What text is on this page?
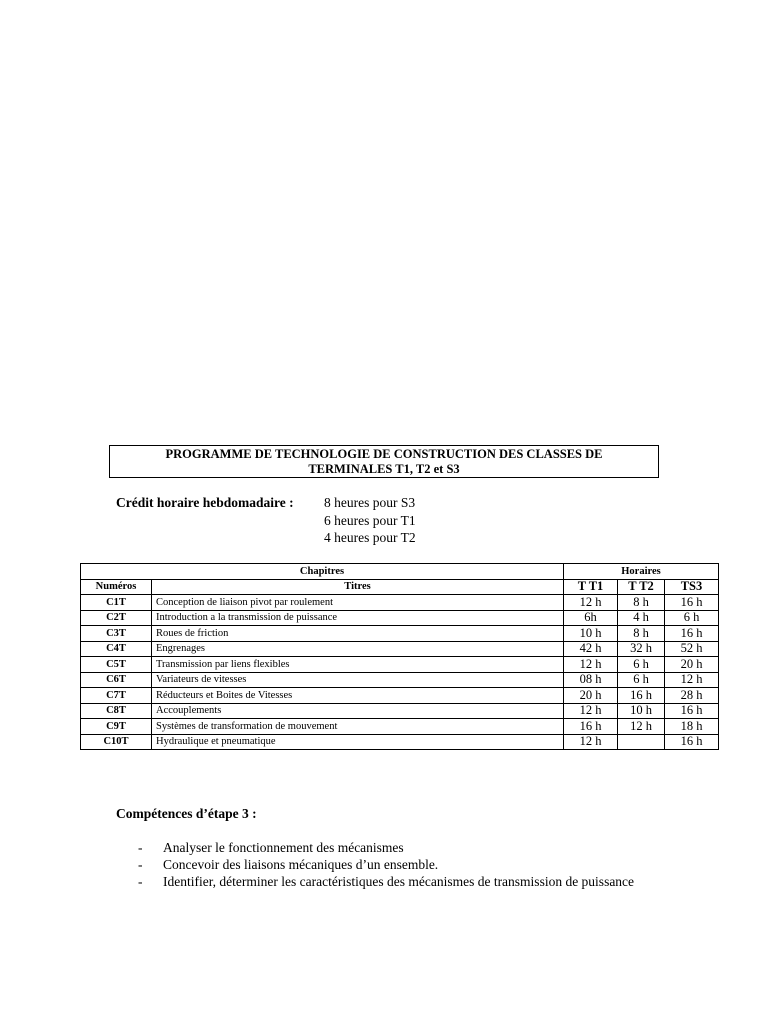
PROGRAMME DE TECHNOLOGIE DE CONSTRUCTION DES CLASSES DE
TERMINALES T1, T2 et S3
Crédit horaire hebdomadaire : 8 heures pour S3
6 heures pour T1
4 heures pour T2
Chapitres		Horaires		
Numéros	Titres	T T1	T T2	TS3
C1T	Conception de liaison pivot par roulement	12 h	8 h	16 h
C2T	Introduction a la transmission de puissance	6h	4 h	6 h
C3T	Roues de friction	10 h	8 h	16 h
C4T	Engrenages	42 h	32 h	52 h
C5T	Transmission par liens flexibles	12 h	6 h	20 h
C6T	Variateurs de vitesses	08 h	6 h	12 h
C7T	Réducteurs et Boites de Vitesses	20 h	16 h	28 h
C8T	Accouplements	12 h	10 h	16 h
C9T	Systèmes de transformation de mouvement	16 h	12 h	18 h
C10T	Hydraulique et pneumatique	12 h		16 h
Compétences d’étape 3 :
- Analyser le fonctionnement des mécanismes
- Concevoir des liaisons mécaniques d’un ensemble.
- Identifier, déterminer les caractéristiques des mécanismes de transmission de puissance
